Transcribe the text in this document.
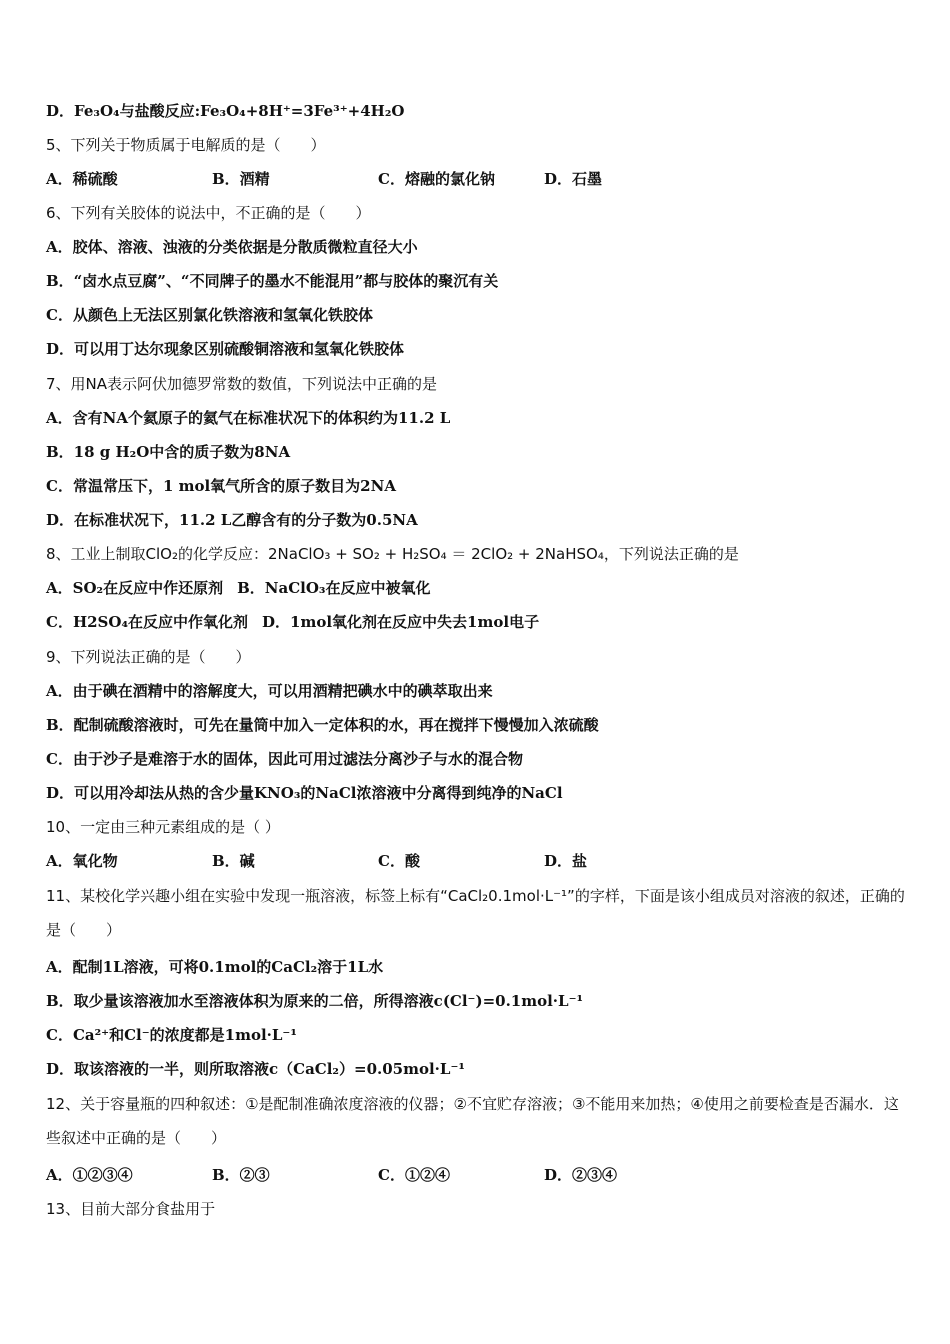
D．Fe₃O₄与盐酸反应:Fe₃O₄+8H⁺=3Fe³⁺+4H₂O
5、下列关于物质属于电解质的是（　　）
A．稀硫酸	B．酒精	C．熔融的氯化钠	D．石墨
6、下列有关胶体的说法中，不正确的是（　　）
A．胶体、溶液、浊液的分类依据是分散质微粒直径大小
B．“卤水点豆腐”、“不同牌子的墨水不能混用”都与胶体的聚沉有关
C．从颜色上无法区别氯化铁溶液和氢氧化铁胶体
D．可以用丁达尔现象区别硫酸铜溶液和氢氧化铁胶体
7、用NA表示阿伏加德罗常数的数值，下列说法中正确的是
A．含有NA个氦原子的氦气在标准状况下的体积约为11.2 L
B．18 g H₂O中含的质子数为8NA
C．常温常压下，1 mol氧气所含的原子数目为2NA
D．在标准状况下，11.2 L乙醇含有的分子数为0.5NA
8、工业上制取ClO₂的化学反应：2NaClO₃ + SO₂ + H₂SO₄ ＝ 2ClO₂ + 2NaHSO₄，下列说法正确的是
A．SO₂在反应中作还原剂 B．NaClO₃在反应中被氧化
C．H2SO₄在反应中作氧化剂 D．1mol氧化剂在反应中失去1mol电子
9、下列说法正确的是（　　）
A．由于碘在酒精中的溶解度大，可以用酒精把碘水中的碘萃取出来
B．配制硫酸溶液时，可先在量筒中加入一定体积的水，再在搅拌下慢慢加入浓硫酸
C．由于沙子是难溶于水的固体，因此可用过滤法分离沙子与水的混合物
D．可以用冷却法从热的含少量KNO₃的NaCl浓溶液中分离得到纯净的NaCl
10、一定由三种元素组成的是（ ）
A．氧化物	B．碱	C．酸	D．盐
11、某校化学兴趣小组在实验中发现一瓶溶液，标签上标有“CaCl₂0.1mol·L⁻¹”的字样，下面是该小组成员对溶液的叙述，正确的是（　　）
A．配制1L溶液，可将0.1mol的CaCl₂溶于1L水
B．取少量该溶液加水至溶液体积为原来的二倍，所得溶液c(Cl⁻)=0.1mol·L⁻¹
C．Ca²⁺和Cl⁻的浓度都是1mol·L⁻¹
D．取该溶液的一半，则所取溶液c（CaCl₂）=0.05mol·L⁻¹
12、关于容量瓶的四种叙述：①是配制准确浓度溶液的仪器；②不宜贮存溶液；③不能用来加热；④使用之前要检查是否漏水．这些叙述中正确的是（　　）
A．①②③④	B．②③	C．①②④	D．②③④
13、目前大部分食盐用于
